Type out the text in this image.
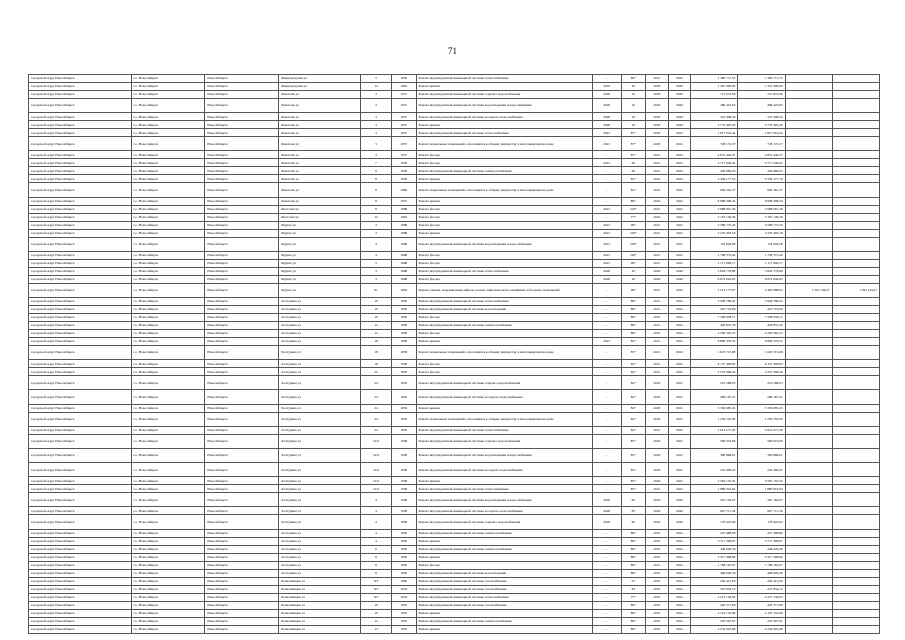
71
городской округ Новосибирск	г.о. Новосибирск	Новосибирск г	Физкультурная ул	5	1956	Ремонт внутридомовой инженерной системы теплоснабжения	-	89*	2021	2022	1 390 771,53	1 390 771,53		
городской округ Новосибирск	г.о. Новосибирск	Новосибирск г	Физкультурная ул	14	1962	Ремонт крыши	2019	20	2020	2020	1 310 399,60	1 310 399,60		
городской округ Новосибирск	г.о. Новосибирск	Новосибирск г	Филатова ул	3	1957	Ремонт внутридомовой инженерной системы горячего водоснабжения	2020	10	2020	2020	721 874,96	721 874,96		
городской округ Новосибирск	г.о. Новосибирск	Новосибирск г	Филатова ул	3	1957	Ремонт внутридомовой инженерной системы водоотведения и водоснабжения	2020	10	2020	2020	486 422,65	486 422,65		
городской округ Новосибирск	г.о. Новосибирск	Новосибирск г	Филатова ул	3	1957	Ремонт внутридомовой инженерной системы холодного водоснабжения	2020	10	2020	2020	319 408,44	319 408,44		
городской округ Новосибирск	г.о. Новосибирск	Новосибирск г	Филатова ул	3	1957	Ремонт крыши	2020	10	2020	2020	3 774 495,26	3 774 495,26		
городской округ Новосибирск	г.о. Новосибирск	Новосибирск г	Филатова ул	3	1957	Ремонт внутридомовой инженерной системы теплоснабжения	2021	87*	2020	2021	1 817 616,44	1 817 616,44		
городской округ Новосибирск	г.о. Новосибирск	Новосибирск г	Филатова ул	3	1957	Ремонт подвальных помещений, относящихся к общему имуществу в многоквартирном доме	2021	87*	2020	2021	728 172,37	728 172,37		
городской округ Новосибирск	г.о. Новосибирск	Новосибирск г	Филатова ул	3	1957	Ремонт фасада	-	87*	2021	2022	4 872 446,37	4 872 446,37		
городской округ Новосибирск	г.о. Новосибирск	Новосибирск г	Филатова ул	7	1958	Ремонт фасада	2021	60	2021	2021	3 717 646,42	3 717 646,42		
городской округ Новосибирск	г.о. Новосибирск	Новосибирск г	Филатова ул	9	1958	Ремонт внутридомовой инженерной системы электроснабжения	-	60	2021	2022	426 960,03	426 960,03		
городской округ Новосибирск	г.о. Новосибирск	Новосибирск г	Филатова ул	8	1958	Ремонт крыши	-	83*	2022	2022	3 339 177,19	3 339 177,19		
городской округ Новосибирск	г.о. Новосибирск	Новосибирск г	Филатова ул	8	1960	Ремонт подвальных помещений, относящихся к общему имуществу в многоквартирном доме	-	83*	2022	2022	994 361,37	994 361,37		
городской округ Новосибирск	г.о. Новосибирск	Новосибирск г	Филатова ул	9	1975	Ремонт крыши	-	89*	2022	2022	6 998 298,44	6 998 298,44		
городской округ Новосибирск	г.о. Новосибирск	Новосибирск г	Флотская ул	8	1968	Ремонт фасада	2021	103*	2021	2021	3 988 091,39	3 988 091,39		
городской округ Новосибирск	г.о. Новосибирск	Новосибирск г	Флотская ул	12	1964	Ремонт фасада	-	77*	2022	2022	3 167 146,39	3 167 146,39		
городской округ Новосибирск	г.о. Новосибирск	Новосибирск г	Фрунзе ул	3	1968	Ремонт фасада	2021	99*	2021	2021	3 586 775,43	3 586 775,43		
городской округ Новосибирск	г.о. Новосибирск	Новосибирск г	Фрунзе ул	3	1968	Ремонт крыши	2021	100*	2021	2021	3 279 493,18	3 279 493,18		
городской округ Новосибирск	г.о. Новосибирск	Новосибирск г	Фрунзе ул	4	1968	Ремонт внутридомовой инженерной системы водоотведения и водоснабжения	2021	100*	2021	2021	118 604,08	118 604,08		
городской округ Новосибирск	г.о. Новосибирск	Новосибирск г	Фрунзе ул	4	1968	Ремонт фасада	2021	100*	2021	2021	1 708 373,42	1 708 373,42		
городской округ Новосибирск	г.о. Новосибирск	Новосибирск г	Фрунзе ул	5	1968	Ремонт фасада	2021	96*	2021	2021	1 171 900,17	1 171 900,17		
городской округ Новосибирск	г.о. Новосибирск	Новосибирск г	Фрунзе ул	3	1968	Ремонт внутридомовой инженерной системы теплоснабжения	2020	45	2020	2020	3 824 778,89	3 824 778,89		
городской округ Новосибирск	г.о. Новосибирск	Новосибирск г	Фрунзе ул	3	1968	Ремонт фасада	2020	20	2020	2020	6 874 044,95	6 874 044,95		
городской округ Новосибирск	г.о. Новосибирск	Новосибирск г	Фрунзе ул	61	1994	Ремонт, замена, модернизация лифтов, ремонт лифтовых шахт, машинных и блочных помещений	-	96*	2021	2022	3 214 177,07	2 463 088,93	1 392 144,27	1 392 144,27
городской округ Новосибирск	г.о. Новосибирск	Новосибирск г	Халтурина ул	10	1956	Ремонт внутридомовой инженерной системы теплоснабжения	-	88*	2021	2022	3 946 786,43	3 946 786,43		
городской округ Новосибирск	г.о. Новосибирск	Новосибирск г	Халтурина ул	10	1956	Ремонт внутридомовой инженерной системы водоотведения	-	88*	2021	2022	416 719,00	416 719,00		
городской округ Новосибирск	г.о. Новосибирск	Новосибирск г	Халтурина ул	10	1956	Ремонт фасада	-	89*	2022	2022	7 208 958,15	7 208 958,15		
городской округ Новосибирск	г.о. Новосибирск	Новосибирск г	Халтурина ул	12	1958	Ремонт внутридомовой инженерной системы электроснабжения	-	88*	2021	2022	426 855,36	426 855,36		
городской округ Новосибирск	г.о. Новосибирск	Новосибирск г	Халтурина ул	12	1958	Ремонт фасада	-	88*	2022	2022	2 209 365,25	2 209 365,25		
городской округ Новосибирск	г.о. Новосибирск	Новосибирск г	Халтурина ул	16	1958	Ремонт крыши	2021	82*	2021	2021	6 899 379,52	6 899 379,52		
городской округ Новосибирск	г.о. Новосибирск	Новосибирск г	Халтурина ул	18	1958	Ремонт подвальных помещений, относящихся к общему имуществу в многоквартирном доме	-	85*	2021	2022	1 625 715,98	1 625 715,98		
городской округ Новосибирск	г.о. Новосибирск	Новосибирск г	Халтурина ул	18	1958	Ремонт фасада	-	85*	2021	2022	6 157 406,85	6 157 406,85		
городской округ Новосибирск	г.о. Новосибирск	Новосибирск г	Халтурина ул	22	1959	Ремонт фасада	-	84*	2021	2022	3 253 296,29	3 253 296,29		
городской округ Новосибирск	г.о. Новосибирск	Новосибирск г	Халтурина ул	24	1959	Ремонт внутридомовой инженерной системы горячего водоснабжения	-	84*	2020	2021	216 588,03	216 588,03		
городской округ Новосибирск	г.о. Новосибирск	Новосибирск г	Халтурина ул	24	1959	Ремонт внутридомовой инженерной системы холодного водоснабжения	-	84*	2020	2021	289 167,31	289 167,31		
городской округ Новосибирск	г.о. Новосибирск	Новосибирск г	Халтурина ул	24	1959	Ремонт крыши	-	84*	2020	2021	3 356 685,45	3 356 685,45		
городской округ Новосибирск	г.о. Новосибирск	Новосибирск г	Халтурина ул	24	1959	Ремонт подвальных помещений, относящихся к общему имуществу в многоквартирном доме	-	84*	2020	2021	1 256 702,09	1 256 702,09		
городской округ Новосибирск	г.о. Новосибирск	Новосибирск г	Халтурина ул	24	1959	Ремонт внутридомовой инженерной системы теплоснабжения	-	84*	2021	2022	2 614 277,20	2 614 277,20		
городской округ Новосибирск	г.о. Новосибирск	Новосибирск г	Халтурина ул	32/4	1958	Ремонт внутридомовой инженерной системы горячего водоснабжения	-	85*	2020	2021	509 019,06	509 019,06		
городской округ Новосибирск	г.о. Новосибирск	Новосибирск г	Халтурина ул	32/4	1958	Ремонт внутридомовой инженерной системы водоотведения и водоснабжения	-	85*	2020	2021	390 868,01	390 868,01		
городской округ Новосибирск	г.о. Новосибирск	Новосибирск г	Халтурина ул	32/4	1958	Ремонт внутридомовой инженерной системы холодного водоснабжения	-	85*	2020	2021	243 400,22	243 400,22		
городской округ Новосибирск	г.о. Новосибирск	Новосибирск г	Халтурина ул	32/4	1958	Ремонт крыши	-	85*	2020	2021	3 565 155,32	3 565 155,32		
городской округ Новосибирск	г.о. Новосибирск	Новосибирск г	Халтурина ул	32/4	1958	Ремонт внутридомовой инженерной системы теплоснабжения	-	85*	2021	2022	1 880 916,94	1 880 916,94		
городской округ Новосибирск	г.о. Новосибирск	Новосибирск г	Халтурина ул	4	1958	Ремонт внутридомовой инженерной системы водоотведения и водоснабжения	2020	85	2020	2020	397 162,97	397 162,97		
городской округ Новосибирск	г.о. Новосибирск	Новосибирск г	Халтурина ул	4	1958	Ремонт внутридомовой инженерной системы холодного водоснабжения	2020	85	2020	2020	607 711,59	607 711,59		
городской округ Новосибирск	г.о. Новосибирск	Новосибирск г	Халтурина ул	4	1958	Ремонт внутридомовой инженерной системы горячего водоснабжения	2020	85	2020	2020	178 425,94	178 425,94		
городской округ Новосибирск	г.о. Новосибирск	Новосибирск г	Халтурина ул	4	1956	Ремонт внутридомовой инженерной системы электроснабжения	-	88*	2022	2022	437 488,86	437 488,86		
городской округ Новосибирск	г.о. Новосибирск	Новосибирск г	Халтурина ул	4	1956	Ремонт крыши	-	89*	2022	2022	3 711 399,67	3 711 399,67		
городской округ Новосибирск	г.о. Новосибирск	Новосибирск г	Халтурина ул	6	1956	Ремонт внутридомовой инженерной системы электроснабжения	-	89*	2022	2022	448 626,36	448 626,36		
городской округ Новосибирск	г.о. Новосибирск	Новосибирск г	Халтурина ул	8	1956	Ремонт крыши	-	88*	2022	2022	3 317 368,96	3 317 368,96		
городской округ Новосибирск	г.о. Новосибирск	Новосибирск г	Халтурина ул	8	1956	Ремонт фасада	-	86*	2021	2022	1 768 165,07	1 768 165,07		
городской округ Новосибирск	г.о. Новосибирск	Новосибирск г	Халтурина ул	8	1956	Ремонт внутридомовой инженерной системы водоотведения	-	88*	2022	2022	468 626,36	468 626,36		
городской округ Новосибирск	г.о. Новосибирск	Новосибирск г	Челюскинцев ул	8/3	1960	Ремонт внутридомовой инженерной системы газоснабжения	-	67	2022	2022	204 412,09	204 412,09		
городской округ Новосибирск	г.о. Новосибирск	Новосибирск г	Челюскинцев ул	8/2	1954	Ремонт внутридомовой инженерной системы газоснабжения	-	83	2022	2022	225 854,72	225 854,72		
городской округ Новосибирск	г.о. Новосибирск	Новосибирск г	Челюскинцев ул	8/2	1954	Ремонт внутридомовой инженерной системы теплоснабжения	-	75*	2022	2022	2 215 130,63	2 215 130,63		
городской округ Новосибирск	г.о. Новосибирск	Новосибирск г	Челюскинцев ул	10	1955	Ремонт внутридомовой инженерной системы газоснабжения	-	89*	2022	2022	420 371,89	420 371,89		
городской округ Новосибирск	г.о. Новосибирск	Новосибирск г	Челюскинцев ул	10	1955	Ремонт крыши	-	89*	2022	2022	2 123 152,99	2 123 152,99		
городской округ Новосибирск	г.о. Новосибирск	Новосибирск г	Челюскинцев ул	12	1955	Ремонт внутридомовой инженерной системы электроснабжения	-	89*	2022	2022	433 367,91	433 367,91		
городской округ Новосибирск	г.о. Новосибирск	Новосибирск г	Челюскинцев ул	13	1955	Ремонт крыши	-	89*	2022	2022	2 234 091,68	2 234 091,68		
